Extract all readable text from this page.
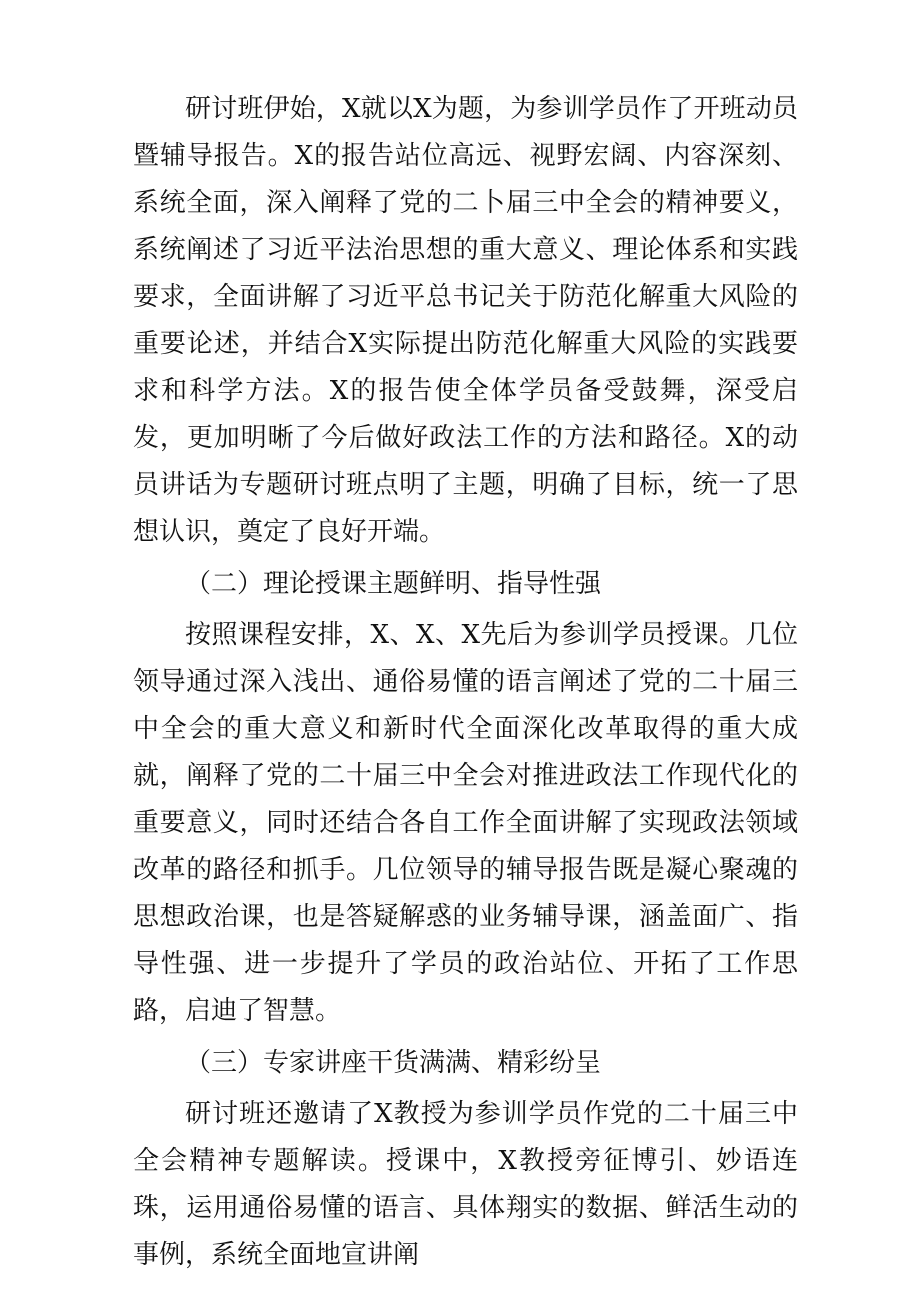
研讨班伊始，X就以X为题，为参训学员作了开班动员暨辅导报告。X的报告站位高远、视野宏阔、内容深刻、系统全面，深入阐释了党的二卜届三中全会的精神要义，系统阐述了习近平法治思想的重大意义、理论体系和实践要求，全面讲解了习近平总书记关于防范化解重大风险的重要论述，并结合X实际提出防范化解重大风险的实践要求和科学方法。X的报告使全体学员备受鼓舞，深受启发，更加明晰了今后做好政法工作的方法和路径。X的动员讲话为专题研讨班点明了主题，明确了目标，统一了思想认识，奠定了良好开端。

（二）理论授课主题鲜明、指导性强

按照课程安排，X、X、X先后为参训学员授课。几位领导通过深入浅出、通俗易懂的语言阐述了党的二十届三中全会的重大意义和新时代全面深化改革取得的重大成就，阐释了党的二十届三中全会对推进政法工作现代化的重要意义，同时还结合各自工作全面讲解了实现政法领域改革的路径和抓手。几位领导的辅导报告既是凝心聚魂的思想政治课，也是答疑解惑的业务辅导课，涵盖面广、指导性强、进一步提升了学员的政治站位、开拓了工作思路，启迪了智慧。

（三）专家讲座干货满满、精彩纷呈

研讨班还邀请了X教授为参训学员作党的二十届三中全会精神专题解读。授课中，X教授旁征博引、妙语连珠，运用通俗易懂的语言、具体翔实的数据、鲜活生动的事例，系统全面地宣讲阐
